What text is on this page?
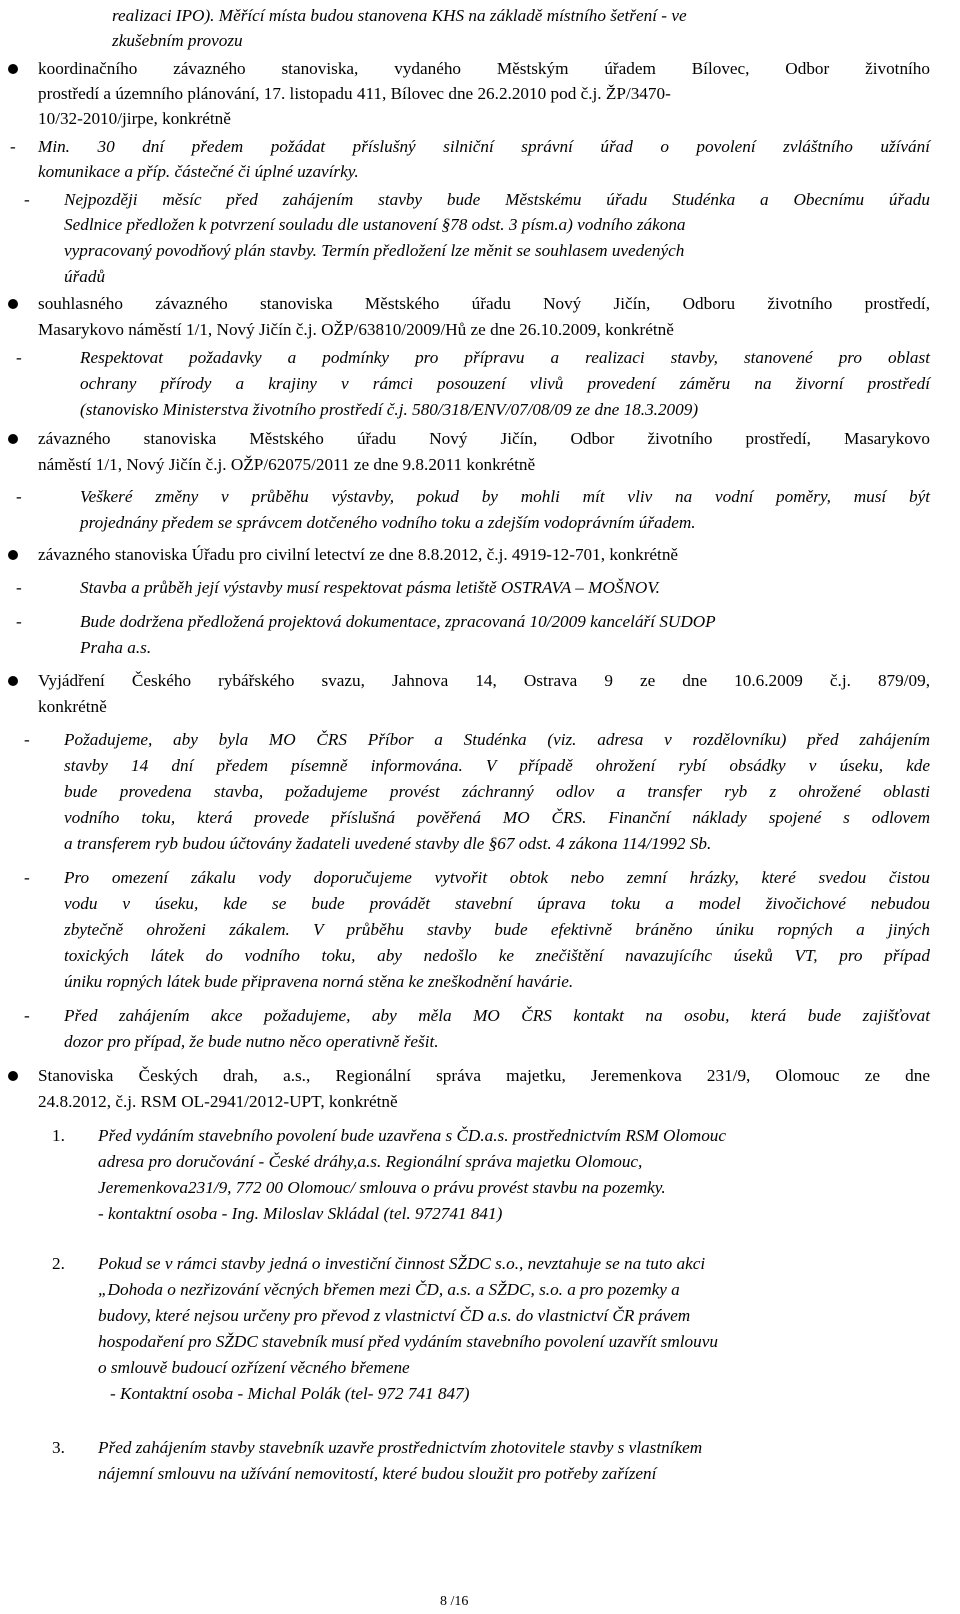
realizaci IPO). Měřící místa budou stanovena KHS na základě místního šetření - ve
zkušebním provozu
koordinačního závazného stanoviska, vydaného Městským úřadem Bílovec, Odbor životního
prostředí a územního plánování, 17. listopadu 411, Bílovec dne 26.2.2010 pod č.j. ŽP/3470-
10/32-2010/jirpe, konkrétně
- Min. 30 dní předem požádat příslušný silniční správní úřad o povolení zvláštního užívání
komunikace a příp. částečné či úplné uzavírky.
- Nejpozději měsíc před zahájením stavby bude Městskému úřadu Studénka a Obecnímu úřadu
Sedlnice předložen k potvrzení souladu dle ustanovení §78 odst. 3 písm.a) vodního zákona
vypracovaný povodňový plán stavby. Termín předložení lze měnit se souhlasem uvedených
úřadů
souhlasného závazného stanoviska Městského úřadu Nový Jičín, Odboru životního prostředí,
Masarykovo náměstí 1/1, Nový Jičín č.j. OŽP/63810/2009/Hů ze dne 26.10.2009, konkrétně
-	Respektovat požadavky a podmínky pro přípravu a realizaci stavby, stanovené pro oblast
ochrany přírody a krajiny v rámci posouzení vlivů provedení záměru na živorní prostředí
(stanovisko Ministerstva životního prostředí č.j. 580/318/ENV/07/08/09 ze dne 18.3.2009)
závazného stanoviska Městského úřadu Nový Jičín, Odbor životního prostředí, Masarykovo
náměstí 1/1, Nový Jičín č.j. OŽP/62075/2011 ze dne 9.8.2011 konkrétně
-	Veškeré změny v průběhu výstavby, pokud by mohli mít vliv na vodní poměry, musí být
projednány předem se správcem dotčeného vodního toku a zdejším vodoprávním úřadem.
závazného stanoviska Úřadu pro civilní letectví ze dne 8.8.2012, č.j. 4919-12-701, konkrétně
-	Stavba a průběh její výstavby musí respektovat pásma letiště OSTRAVA – MOŠNOV.
-	Bude dodržena předložená projektová dokumentace, zpracovaná 10/2009 kanceláří SUDOP
Praha a.s.
Vyjádření Českého rybářského svazu, Jahnova 14, Ostrava 9 ze dne 10.6.2009 č.j. 879/09,
konkrétně
- Požadujeme, aby byla MO ČRS Příbor a Studénka (viz. adresa v rozdělovníku) před zahájením
stavby 14 dní předem písemně informována. V případě ohrožení rybí obsádky v úseku, kde
bude provedena stavba, požadujeme provést záchranný odlov a transfer ryb z ohrožené oblasti
vodního toku, která provede příslušná pověřená MO ČRS. Finanční náklady spojené s odlovem
a transferem ryb budou účtovány žadateli uvedené stavby dle §67 odst. 4 zákona 114/1992 Sb.
- Pro omezení zákalu vody doporučujeme vytvořit obtok nebo zemní hrázky, které svedou čistou
vodu v úseku, kde se bude provádět stavební úprava toku a model živočichové nebudou
zbytečně ohroženi zákalem. V průběhu stavby bude efektivně bráněno úniku ropných a jiných
toxických látek do vodního toku, aby nedošlo ke znečištění navazujícíhc úseků VT, pro případ
úniku ropných látek bude připravena norná stěna ke zneškodnění havárie.
- Před zahájením akce požadujeme, aby měla MO ČRS kontakt na osobu, která bude zajišťovat
dozor pro případ, že bude nutno něco operativně řešit.
Stanoviska Českých drah, a.s., Regionální správa majetku, Jeremenkova 231/9, Olomouc ze dne
24.8.2012, č.j. RSM OL-2941/2012-UPT, konkrétně
1. Před vydáním stavebního povolení bude uzavřena s ČD.a.s. prostřednictvím RSM Olomouc
adresa pro doručování - České dráhy,a.s. Regionální správa majetku Olomouc,
Jeremenkova231/9, 772 00 Olomouc/ smlouva o právu provést stavbu na pozemky.
- kontaktní osoba - Ing. Miloslav Skládal (tel. 972741 841)
2. Pokud se v rámci stavby jedná o investiční činnost SŽDC s.o., nevztahuje se na tuto akci
„Dohoda o nezřizování věcných břemen mezi ČD, a.s. a SŽDC, s.o. a pro pozemky a
budovy, které nejsou určeny pro převod z vlastnictví ČD a.s. do vlastnictví ČR právem
hospodaření pro SŽDC stavebník musí před vydáním stavebního povolení uzavřít smlouvu
o smlouvě budoucí ozřízení věcného břemene
- Kontaktní osoba - Michal Polák (tel- 972 741 847)
3. Před zahájením stavby stavebník uzavře prostřednictvím zhotovitele stavby s vlastníkem
nájemní smlouvu na užívání nemovitostí, které budou sloužit pro potřeby zařízení
8 /16
